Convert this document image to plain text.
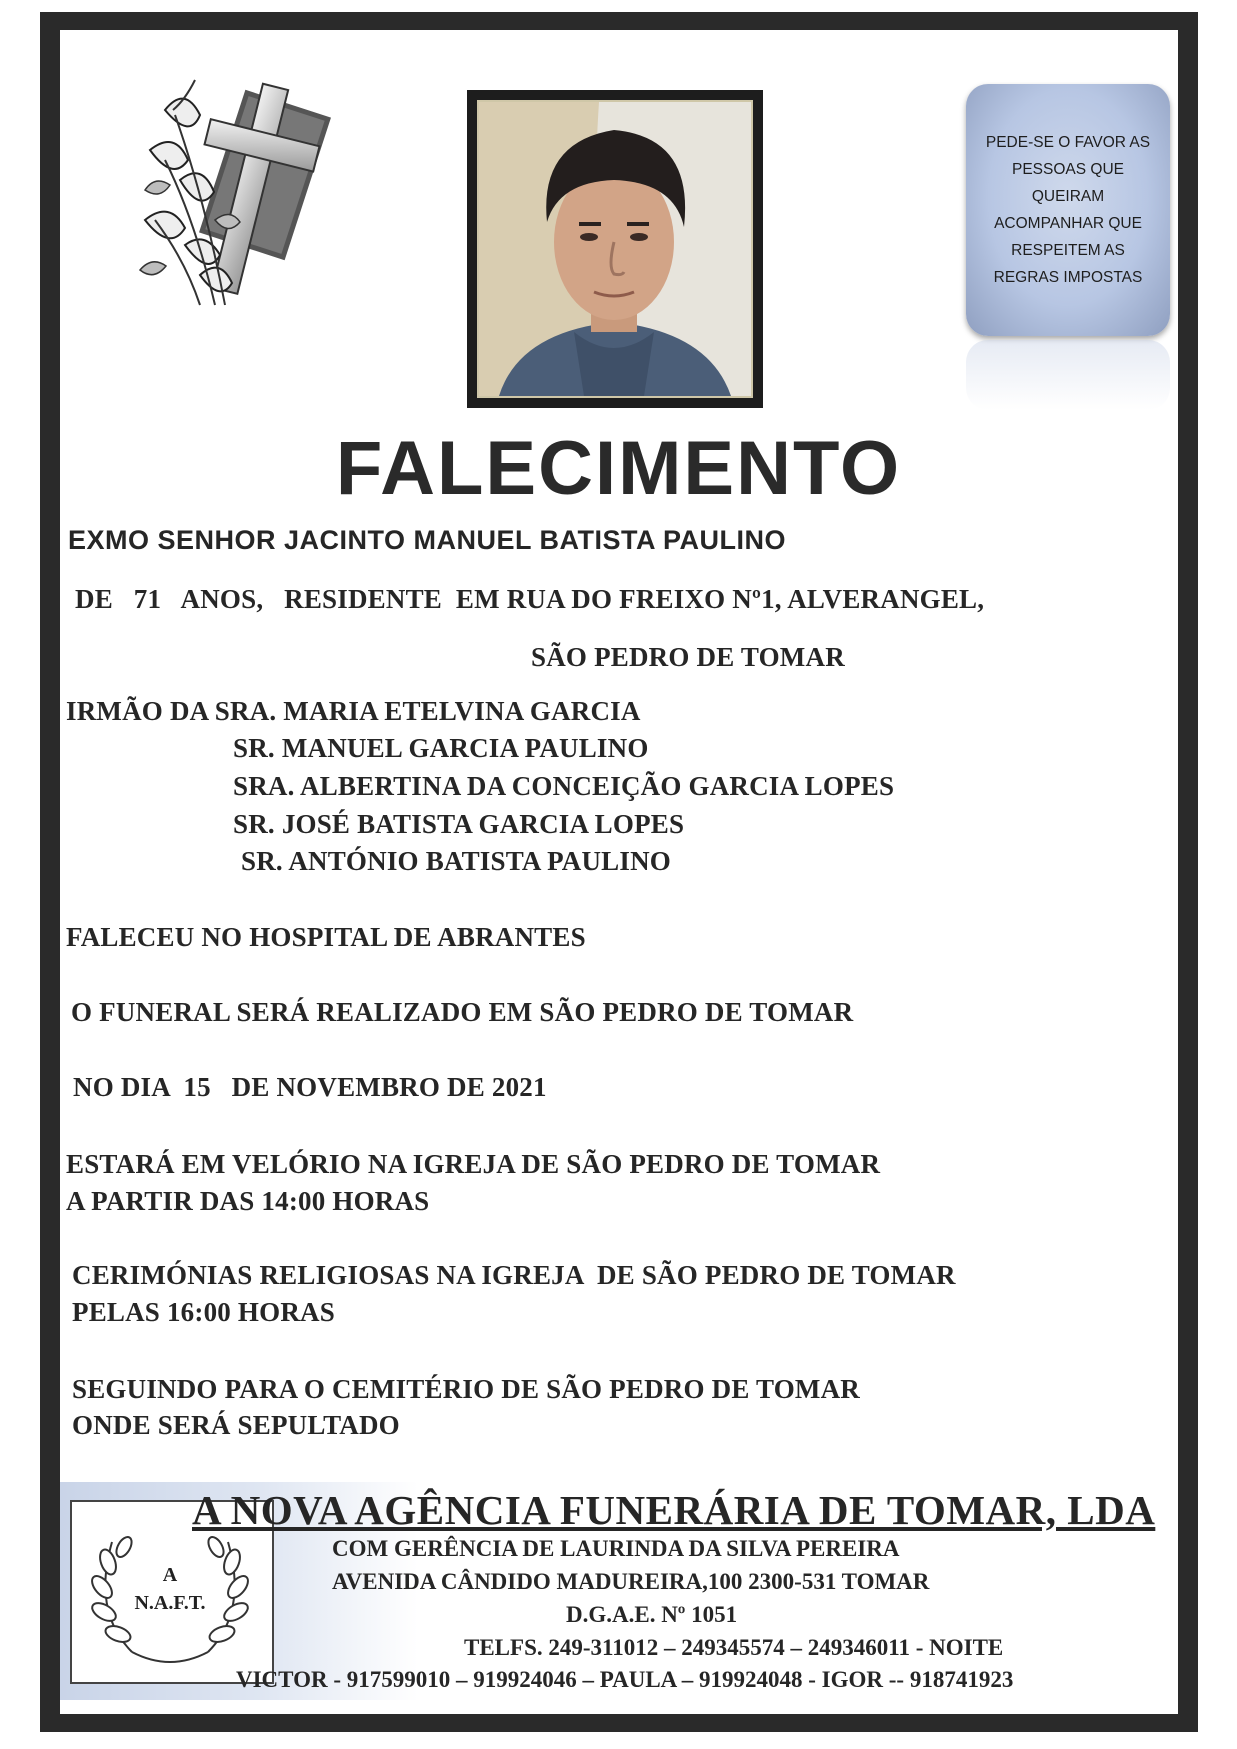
PEDE-SE O FAVOR AS
PESSOAS QUE
QUEIRAM
ACOMPANHAR QUE
RESPEITEM AS
REGRAS IMPOSTAS
FALECIMENTO
EXMO SENHOR JACINTO MANUEL BATISTA PAULINO
DE   71   ANOS,   RESIDENTE  EM RUA DO FREIXO Nº1, ALVERANGEL,
SÃO PEDRO DE TOMAR
IRMÃO DA SRA. MARIA ETELVINA GARCIA
SR. MANUEL GARCIA PAULINO
SRA. ALBERTINA DA CONCEIÇÃO GARCIA LOPES
SR. JOSÉ BATISTA GARCIA LOPES
SR. ANTÓNIO BATISTA PAULINO
FALECEU NO HOSPITAL DE ABRANTES
O FUNERAL SERÁ REALIZADO EM SÃO PEDRO DE TOMAR
NO DIA  15   DE NOVEMBRO DE 2021
ESTARÁ EM VELÓRIO NA IGREJA DE SÃO PEDRO DE TOMAR
A PARTIR DAS 14:00 HORAS
CERIMÓNIAS RELIGIOSAS NA IGREJA  DE SÃO PEDRO DE TOMAR
PELAS 16:00 HORAS
SEGUINDO PARA O CEMITÉRIO DE SÃO PEDRO DE TOMAR
ONDE SERÁ SEPULTADO
A
N.A.F.T.
A NOVA AGÊNCIA FUNERÁRIA DE TOMAR, LDA
COM GERÊNCIA DE LAURINDA DA SILVA PEREIRA
AVENIDA CÂNDIDO MADUREIRA,100 2300-531 TOMAR
D.G.A.E. Nº 1051
TELFS. 249-311012 – 249345574 – 249346011 - NOITE
VICTOR - 917599010 – 919924046 – PAULA – 919924048 - IGOR -- 918741923
